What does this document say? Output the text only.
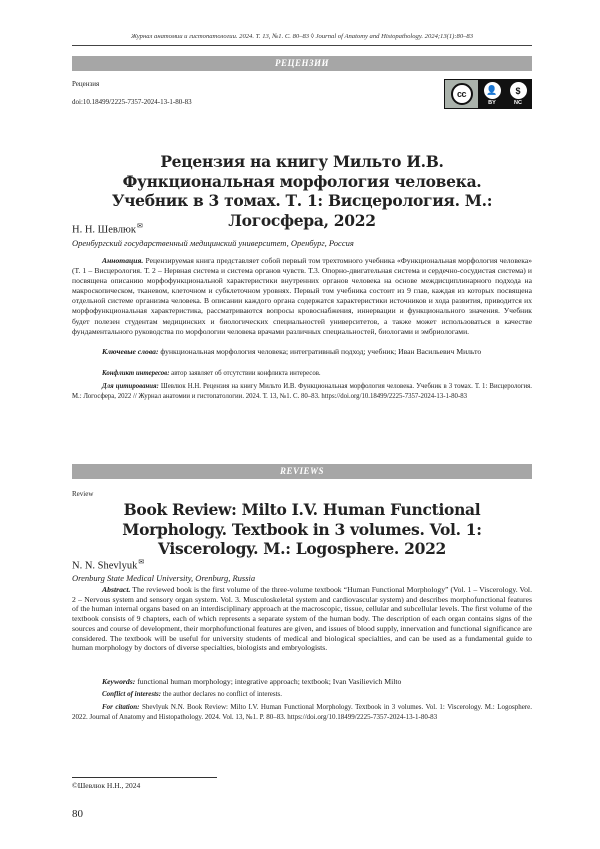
Журнал анатомии и гистопатологии. 2024. Т. 13, №1. С. 80–83 ◊ Journal of Anatomy and Histopathology. 2024;13(1):80–83
РЕЦЕНЗИИ
Рецензия
doi:10.18499/2225-7357-2024-13-1-80-83
cc	👤
BY
$
NC
Рецензия на книгу Мильто И.В. Функциональная морфология человека. Учебник в 3 томах. Т. 1: Висцерология. М.: Логосфера, 2022
Н. Н. Шевлюк✉
Оренбургский государственный медицинский университет, Оренбург, Россия

Аннотация. Рецензируемая книга представляет собой первый том трехтомного учебника «Функциональная морфология человека» (Т. 1 – Висцерология. Т. 2 – Нервная система и система органов чувств. Т.3. Опорно-двигательная система и сердечно-сосудистая система) и посвящена описанию морфофункциональной характеристики внутренних органов человека на основе междисциплинарного подхода на макроскопическом, тканевом, клеточном и субклеточном уровнях. Первый том учебника состоит из 9 глав, каждая из которых посвящена отдельной системе организма человека. В описании каждого органа содержатся характеристики источников и хода развития, приводится их морфофункциональная характеристика, рассматриваются вопросы кровоснабжения, иннервации и функционального значения. Учебник будет полезен студентам медицинских и биологических специальностей университетов, а также может использоваться в качестве фундаментального руководства по морфологии человека врачами различных специальностей, биологами и эмбриологами.

Ключевые слова: функциональная морфология человека; интегративный подход; учебник; Иван Васильевич Мильто

Конфликт интересов: автор заявляет об отсутствии конфликта интересов.

Для цитирования: Шевлюк Н.Н. Рецензия на книгу Мильто И.В. Функциональная морфология человека. Учебник в 3 томах. Т. 1: Висцерология. М.: Логосфера, 2022 // Журнал анатомии и гистопатологии. 2024. Т. 13, №1. С. 80–83. https://doi.org/10.18499/2225-7357-2024-13-1-80-83

REVIEWS
Review
Book Review: Milto I.V. Human Functional Morphology. Textbook in 3 volumes. Vol. 1: Viscerology. M.: Logosphere. 2022
N. N. Shevlyuk✉
Orenburg State Medical University, Orenburg, Russia

Abstract. The reviewed book is the first volume of the three-volume textbook “Human Functional Morphology” (Vol. 1 – Viscerology. Vol. 2 – Nervous system and sensory organ system. Vol. 3. Musculoskeletal system and cardiovascular system) and describes morphofunctional features of the human internal organs based on an interdisciplinary approach at the macroscopic, tissue, cellular and subcellular levels. The first volume of the textbook consists of 9 chapters, each of which represents a separate system of the human body. The description of each organ contains signs of the sources and course of development, their morphofunctional features are given, and issues of blood supply, innervation and functional significance are considered. The textbook will be useful for university students of medical and biological specialties, and can be used as a fundamental guide to human morphology by doctors of diverse specialties, biologists and embryologists.

Keywords: functional human morphology; integrative approach; textbook; Ivan Vasilievich Milto

Conflict of interests: the author declares no conflict of interests.

For citation: Shevlyuk N.N. Book Review: Milto I.V. Human Functional Morphology. Textbook in 3 volumes. Vol. 1: Viscerology. M.: Logosphere. 2022. Journal of Anatomy and Histopathology. 2024. Vol. 13, №1. P. 80–83. https://doi.org/10.18499/2225-7357-2024-13-1-80-83

©Шевлюк Н.Н., 2024
80
